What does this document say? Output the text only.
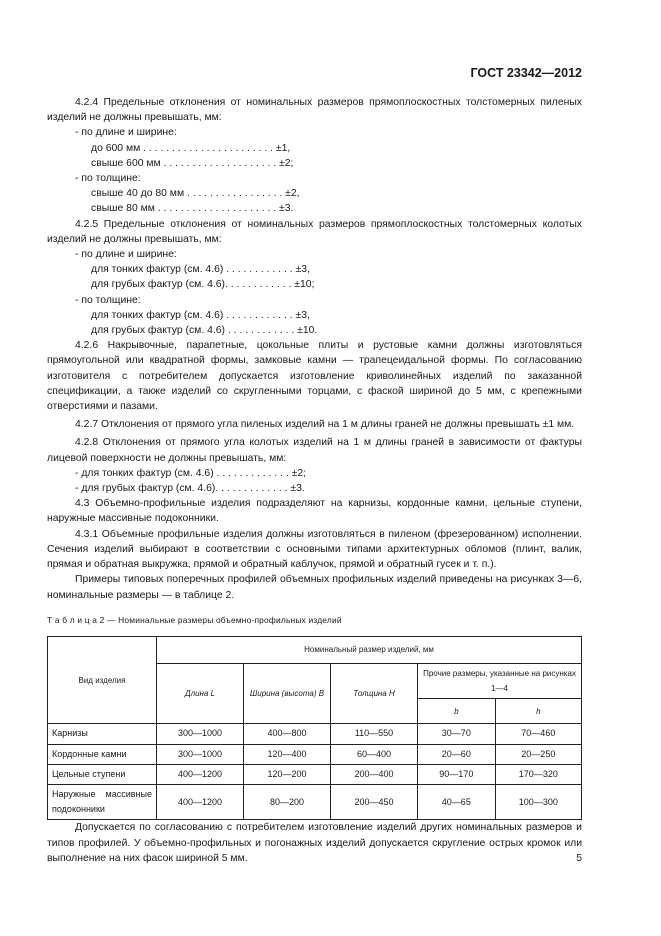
ГОСТ 23342—2012

4.2.4 Предельные отклонения от номинальных размеров прямоплоскостных толстомерных пиленых изделий не должны превышать, мм:

- по длине и ширине:

до 600 мм . . . . . . . . . . . . . . . . . . . . . . . ±1,

свыше 600 мм . . . . . . . . . . . . . . . . . . . . ±2;

- по толщине:

свыше 40 до 80 мм . . . . . . . . . . . . . . . . . ±2,

свыше 80 мм . . . . . . . . . . . . . . . . . . . . . ±3.

4.2.5 Предельные отклонения от номинальных размеров прямоплоскостных толстомерных колотых изделий не должны превышать, мм:

- по длине и ширине:

для тонких фактур (см. 4.6) . . . . . . . . . . . . ±3,

для грубых фактур (см. 4.6). . . . . . . . . . . . ±10;

- по толщине:

для тонких фактур (см. 4.6) . . . . . . . . . . . . ±3,

для грубых фактур (см. 4.6) . . . . . . . . . . . . ±10.

4.2.6 Накрывочные, парапетные, цокольные плиты и рустовые камни должны изготовляться прямоугольной или квадратной формы, замковые камни — трапецеидальной формы. По согласованию изготовителя с потребителем допускается изготовление криволинейных изделий по заказанной спецификации, а также изделий со скругленными торцами, с фаской шириной до 5 мм, с крепежными отверстиями и пазами.

4.2.7 Отклонения от прямого угла пиленых изделий на 1 м длины граней не должны превышать ±1 мм.

4.2.8 Отклонения от прямого угла колотых изделий на 1 м длины граней в зависимости от фактуры лицевой поверхности не должны превышать, мм:

- для тонких фактур (см. 4.6) . . . . . . . . . . . . . ±2;

- для грубых фактур (см. 4.6). . . . . . . . . . . . . ±3.

4.3 Объемно-профильные изделия подразделяют на карнизы, кордонные камни, цельные ступени, наружные массивные подоконники.

4.3.1 Объемные профильные изделия должны изготовляться в пиленом (фрезерованном) исполнении. Сечения изделий выбирают в соответствии с основными типами архитектурных обломов (плинт, валик, прямая и обратная выкружка, прямой и обратный каблучок, прямой и обратный гусек и т. п.).

Примеры типовых поперечных профилей объемных профильных изделий приведены на рисунках 3—6, номинальные размеры — в таблице 2.

Т а б л и ц а 2 — Номинальные размеры объемно-профильных изделий
Вид изделия	Номинальный размер изделий, мм				
	Длина L	Ширина (высота) B	Толщина H	Прочие размеры, указанные на рисунках 1—4	
				b	h
Карнизы	300—1000	400—800	110—550	30—70	70—460
Кордонные камни	300—1000	120—400	60—400	20—60	20—250
Цельные ступени	400—1200	120—200	200—400	90—170	170—320
Наружные массивные подоконники	400—1200	80—200	200—450	40—65	100—300

Допускается по согласованию с потребителем изготовление изделий других номинальных размеров и типов профилей. У объемно-профильных и погонажных изделий допускается скругление острых кромок или выполнение на них фасок шириной 5 мм.	5
